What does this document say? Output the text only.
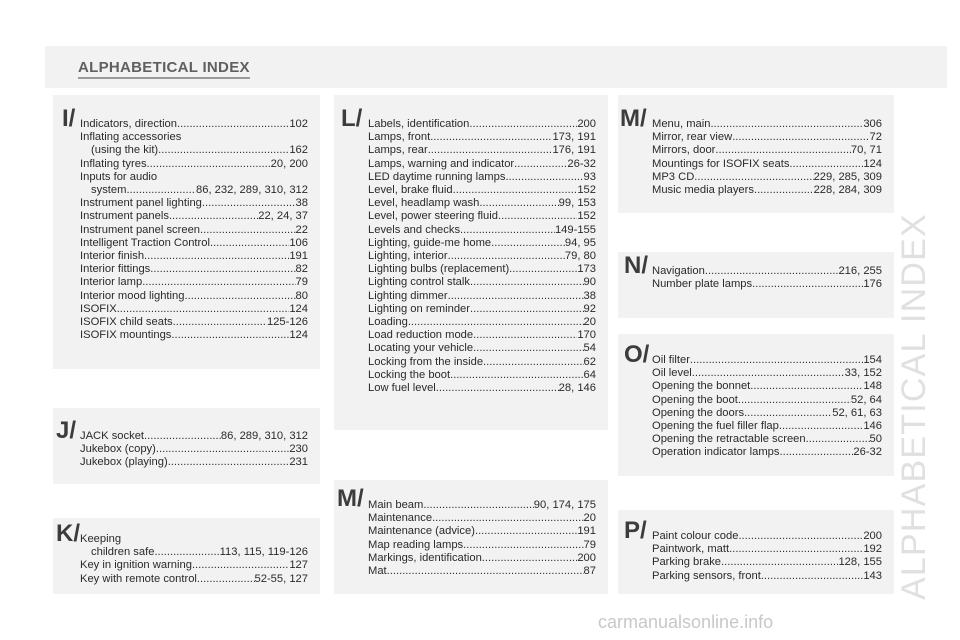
ALPHABETICAL INDEX
I/ Indicators, direction .....	102
Inflating accessories
(using the kit) .....	162
Inflating tyres .....	20, 200
Inputs for audio
system .....	86, 232, 289, 310, 312
Instrument panel lighting .....	38
Instrument panels .....	22, 24, 37
Instrument panel screen .....	22
Intelligent Traction Control .....	106
Interior finish .....	191
Interior fittings .....	82
Interior lamp .....	79
Interior mood lighting .....	80
ISOFIX .....	124
ISOFIX child seats .....	125-126
ISOFIX mountings .....	124
J/ JACK socket .....	86, 289, 310, 312
Jukebox (copy) .....	230
Jukebox (playing) .....	231
K/ Keeping
children safe .....	113, 115, 119-126
Key in ignition warning .....	127
Key with remote control .....	52-55, 127
L/ Labels, identification .....	200
Lamps, front .....	173, 191
Lamps, rear .....	176, 191
Lamps, warning and indicator .....	26-32
LED daytime running lamps .....	93
Level, brake fluid .....	152
Level, headlamp wash .....	99, 153
Level, power steering fluid .....	152
Levels and checks .....	149-155
Lighting, guide-me home .....	94, 95
Lighting, interior .....	79, 80
Lighting bulbs (replacement) .....	173
Lighting control stalk .....	90
Lighting dimmer .....	38
Lighting on reminder .....	92
Loading .....	20
Load reduction mode .....	170
Locating your vehicle .....	54
Locking from the inside .....	62
Locking the boot .....	64
Low fuel level .....	28, 146
M/ Main beam .....	90, 174, 175
Maintenance .....	20
Maintenance (advice) .....	191
Map reading lamps .....	79
Markings, identification .....	200
Mat .....	87
M/ Menu, main .....	306
Mirror, rear view .....	72
Mirrors, door .....	70, 71
Mountings for ISOFIX seats .....	124
MP3 CD .....	229, 285, 309
Music media players .....	228, 284, 309
N/ Navigation .....	216, 255
Number plate lamps .....	176
O/ Oil filter .....	154
Oil level .....	33, 152
Opening the bonnet .....	148
Opening the boot .....	52, 64
Opening the doors .....	52, 61, 63
Opening the fuel filler flap .....	146
Opening the retractable screen .....	50
Operation indicator lamps .....	26-32
P/ Paint colour code .....	200
Paintwork, matt .....	192
Parking brake .....	128, 155
Parking sensors, front .....	143 ALPHABETICAL INDEX
carmanualsonline.info
